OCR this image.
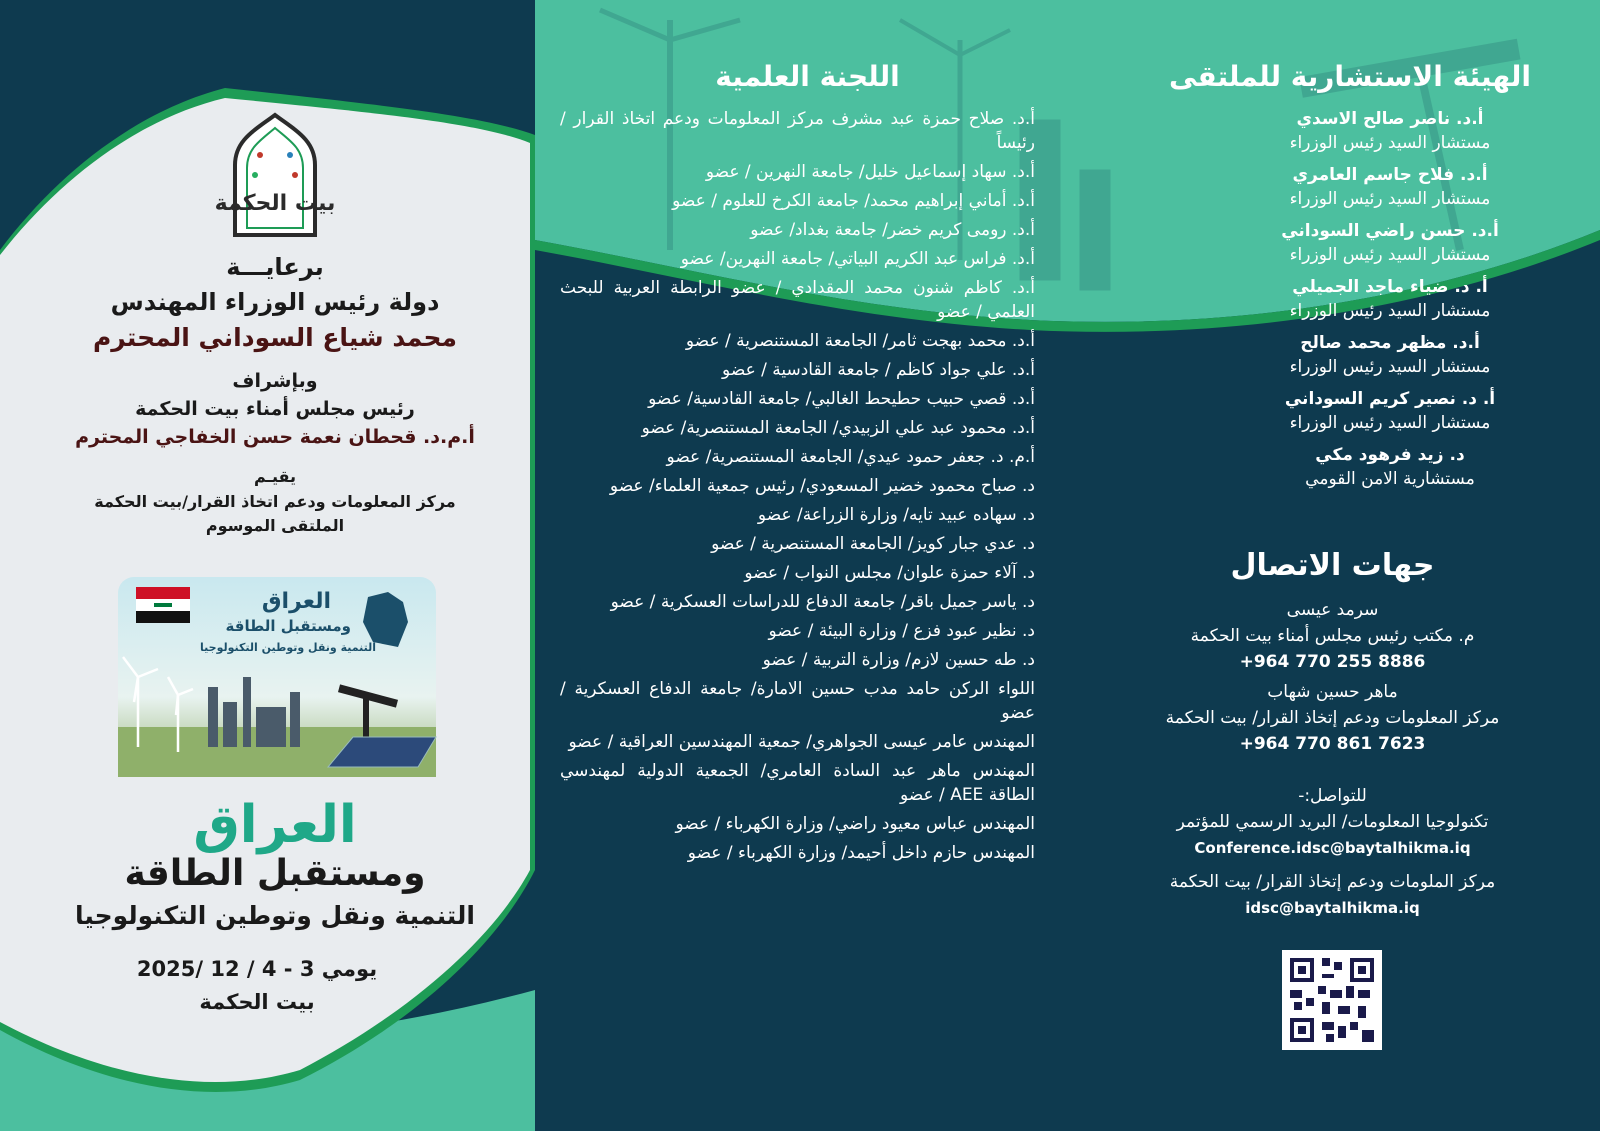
بيت الحكمة
برعايـــة
دولة رئيس الوزراء المهندس
محمد شياع السوداني المحترم
وبإشراف
رئيس مجلس أمناء بيت الحكمة
أ.م.د. قحطان نعمة حسن الخفاجي المحترم
يقيـم
مركز المعلومات ودعم اتخاذ القرار/بيت الحكمة
الملتقى الموسوم
العراق
ومستقبل الطاقة
التنمية ونقل وتوطين التكنولوجيا
العراق
ومستقبل الطاقة
التنمية ونقل وتوطين التكنولوجيا
يومي 3 - 4 / 12 /2025
بيت الحكمة
اللجنة العلمية
أ.د. صلاح حمزة عبد مشرف مركز المعلومات ودعم اتخاذ القرار / رئيساً
أ.د. سهاد إسماعيل خليل/ جامعة النهرين / عضو
أ.د. أماني إبراهيم محمد/ جامعة الكرخ للعلوم / عضو
أ.د. رومى كريم خضر/ جامعة بغداد/ عضو
أ.د. فراس عبد الكريم البياتي/ جامعة النهرين/ عضو
أ.د. كاظم شنون محمد المقدادي / عضو الرابطة العربية للبحث العلمي / عضو
أ.د. محمد بهجت ثامر/ الجامعة المستنصرية / عضو
أ.د. علي جواد كاظم / جامعة القادسية / عضو
أ.د. قصي حبيب حطيحط الغالبي/ جامعة القادسية/ عضو
أ.د. محمود عبد علي الزبيدي/ الجامعة المستنصرية/ عضو
أ.م. د. جعفر حمود عيدي/ الجامعة المستنصرية/ عضو
د. صباح محمود خضير المسعودي/ رئيس جمعية العلماء/ عضو
د. سهاده عبيد تايه/ وزارة الزراعة/ عضو
د. عدي جبار كويز/ الجامعة المستنصرية / عضو
د. آلاء حمزة علوان/ مجلس النواب / عضو
د. ياسر جميل باقر/ جامعة الدفاع للدراسات العسكرية / عضو
د. نظير عبود فزع / وزارة البيئة / عضو
د. طه حسين لازم/ وزارة التربية / عضو
اللواء الركن حامد مدب حسين الامارة/ جامعة الدفاع العسكرية / عضو
المهندس عامر عيسى الجواهري/ جمعية المهندسين العراقية / عضو
المهندس ماهر عبد السادة العامري/ الجمعية الدولية لمهندسي الطاقة AEE / عضو
المهندس عباس معيود راضي/ وزارة الكهرباء / عضو
المهندس حازم داخل أحيمد/ وزارة الكهرباء / عضو
الهيئة الاستشارية للملتقى
أ.د. ناصر صالح الاسدي
مستشار السيد رئيس الوزراء
أ.د. فلاح جاسم العامري
مستشار السيد رئيس الوزراء
أ.د. حسن راضي السوداني
مستشار السيد رئيس الوزراء
أ. د. ضياء ماجد الجميلي
مستشار السيد رئيس الوزراء
أ.د. مظهر محمد صالح
مستشار السيد رئيس الوزراء
أ. د. نصير كريم السوداني
مستشار السيد رئيس الوزراء
د. زيد فرهود مكي
مستشارية الامن القومي
جهات الاتصال
سرمد عيسى
م. مكتب رئيس مجلس أمناء بيت الحكمة
+964 770 255 8886
ماهر حسين شهاب
مركز المعلومات ودعم إتخاذ القرار/ بيت الحكمة
+964 770 861 7623
للتواصل:-
تكنولوجيا المعلومات/ البريد الرسمي للمؤتمر
Conference.idsc@baytalhikma.iq
مركز الملومات ودعم إتخاذ القرار/ بيت الحكمة
idsc@baytalhikma.iq
